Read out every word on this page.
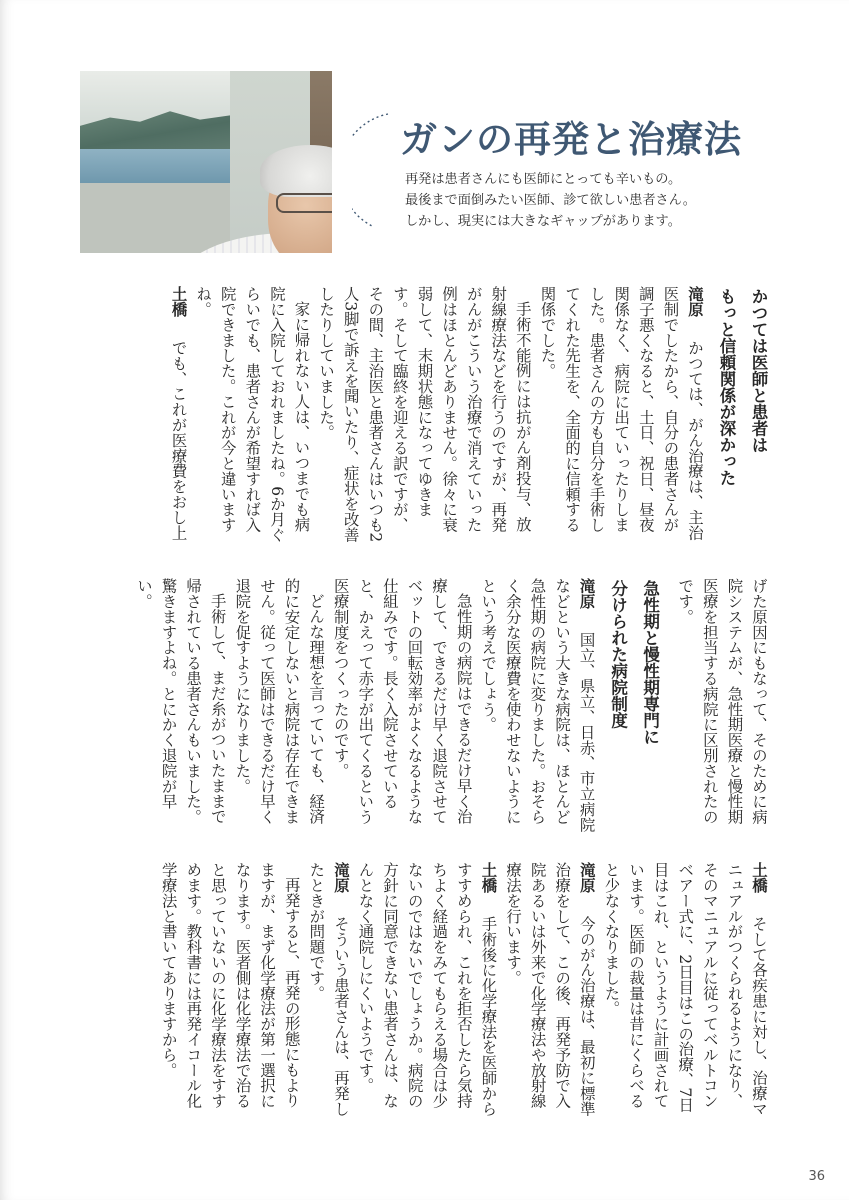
ガンの再発と治療法

再発は患者さんにも医師にとっても辛いもの。
最後まで面倒みたい医師、診て欲しい患者さん。
しかし、現実には大きなギャップがあります。

かつては医師と患者は
もっと信頼関係が深かった

滝原　かつては、がん治療は、主治医制でしたから、自分の患者さんが調子悪くなると、土日、祝日、昼夜関係なく、病院に出ていったりしました。患者さんの方も自分を手術してくれた先生を、全面的に信頼する関係でした。

手術不能例には抗がん剤投与、放射線療法などを行うのですが、再発がんがこういう治療で消えていった例はほとんどありません。徐々に衰弱して、末期状態になってゆきます。そして臨終を迎える訳ですが、その間、主治医と患者さんはいつも2人3脚で訴えを聞いたり、症状を改善したりしていました。

家に帰れない人は、いつまでも病院に入院しておれましたね。6か月ぐらいでも、患者さんが希望すれば入院できました。これが今と違いますね。

土橋　でも、これが医療費をおし上

げた原因にもなって、そのために病院システムが、急性期医療と慢性期医療を担当する病院に区別されたのです。

急性期と慢性期専門に
分けられた病院制度

滝原　国立、県立、日赤、市立病院などという大きな病院は、ほとんど急性期の病院に変りました。おそらく余分な医療費を使わせないようにという考えでしょう。

急性期の病院はできるだけ早く治療して、できるだけ早く退院させてベットの回転効率がよくなるような仕組みです。長く入院させていると、かえって赤字が出てくるという医療制度をつくったのです。

どんな理想を言っていても、経済的に安定しないと病院は存在できません。従って医師はできるだけ早く退院を促すようになりました。

手術して、まだ糸がついたままで帰されている患者さんもいました。驚きますよね。とにかく退院が早い。

土橋　そして各疾患に対し、治療マニュアルがつくられるようになり、そのマニュアルに従ってベルトコンベアー式に、2日目はこの治療、7日目はこれ、というように計画されています。医師の裁量は昔にくらべると少なくなりました。

滝原　今のがん治療は、最初に標準治療をして、この後、再発予防で入院あるいは外来で化学療法や放射線療法を行います。

土橋　手術後に化学療法を医師からすすめられ、これを拒否したら気持ちよく経過をみてもらえる場合は少ないのではないでしょうか。病院の方針に同意できない患者さんは、なんとなく通院しにくいようです。

滝原　そういう患者さんは、再発したときが問題です。

再発すると、再発の形態にもよりますが、まず化学療法が第一選択になります。医者側は化学療法で治ると思っていないのに化学療法をすすめます。教科書には再発イコール化学療法と書いてありますから。

36
